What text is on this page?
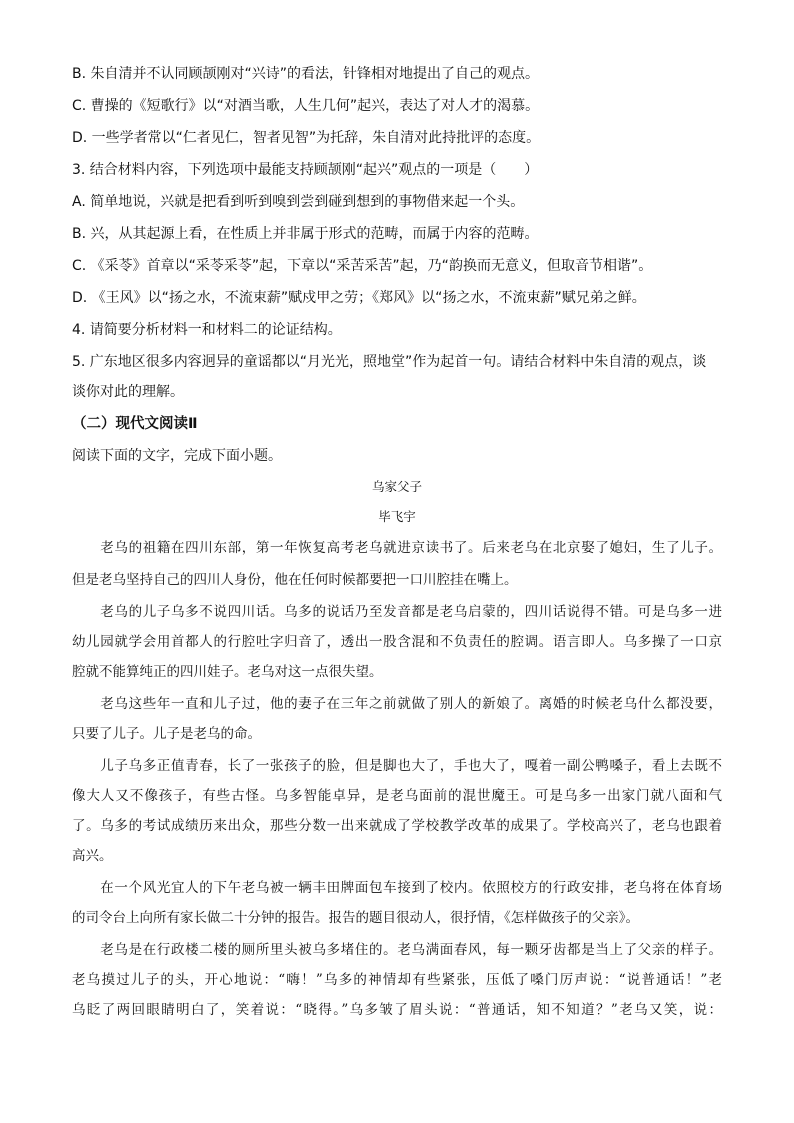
B. 朱自清并不认同顾颉刚对“兴诗”的看法，针锋相对地提出了自己的观点。
C. 曹操的《短歌行》以“对酒当歌，人生几何”起兴，表达了对人才的渴慕。
D. 一些学者常以“仁者见仁，智者见智”为托辞，朱自清对此持批评的态度。
3. 结合材料内容，下列选项中最能支持顾颉刚“起兴”观点的一项是（　　）
A. 简单地说，兴就是把看到听到嗅到尝到碰到想到的事物借来起一个头。
B. 兴，从其起源上看，在性质上并非属于形式的范畴，而属于内容的范畴。
C. 《采苓》首章以“采苓采苓”起，下章以“采苦采苦”起，乃“韵换而无意义，但取音节相谐”。
D. 《王风》以“扬之水，不流束薪”赋戍甲之劳；《郑风》以“扬之水，不流束薪”赋兄弟之鲜。
4. 请简要分析材料一和材料二的论证结构。
5. 广东地区很多内容迥异的童谣都以“月光光，照地堂”作为起首一句。请结合材料中朱自清的观点，谈
谈你对此的理解。
（二）现代文阅读Ⅱ
阅读下面的文字，完成下面小题。
乌家父子
毕飞宇
　　老乌的祖籍在四川东部，第一年恢复高考老乌就进京读书了。后来老乌在北京娶了媳妇，生了儿子。
但是老乌坚持自己的四川人身份，他在任何时候都要把一口川腔挂在嘴上。
　　老乌的儿子乌多不说四川话。乌多的说话乃至发音都是老乌启蒙的，四川话说得不错。可是乌多一进
幼儿园就学会用首都人的行腔吐字归音了，透出一股含混和不负责任的腔调。语言即人。乌多操了一口京
腔就不能算纯正的四川娃子。老乌对这一点很失望。
　　老乌这些年一直和儿子过，他的妻子在三年之前就做了别人的新娘了。离婚的时候老乌什么都没要，
只要了儿子。儿子是老乌的命。
　　儿子乌多正值青春，长了一张孩子的脸，但是脚也大了，手也大了，嘎着一副公鸭嗓子，看上去既不
像大人又不像孩子，有些古怪。乌多智能卓异，是老乌面前的混世魔王。可是乌多一出家门就八面和气
了。乌多的考试成绩历来出众，那些分数一出来就成了学校教学改革的成果了。学校高兴了，老乌也跟着
高兴。
　　在一个风光宜人的下午老乌被一辆丰田牌面包车接到了校内。依照校方的行政安排，老乌将在体育场
的司令台上向所有家长做二十分钟的报告。报告的题目很动人，很抒情，《怎样做孩子的父亲》。
　　老乌是在行政楼二楼的厕所里头被乌多堵住的。老乌满面春风，每一颗牙齿都是当上了父亲的样子。
老乌摸过儿子的头，开心地说：“嗨！”乌多的神情却有些紧张，压低了嗓门厉声说：“说普通话！”老
乌眨了两回眼睛明白了，笑着说：“晓得。”乌多皱了眉头说：“普通话，知不知道？”老乌又笑，说：
